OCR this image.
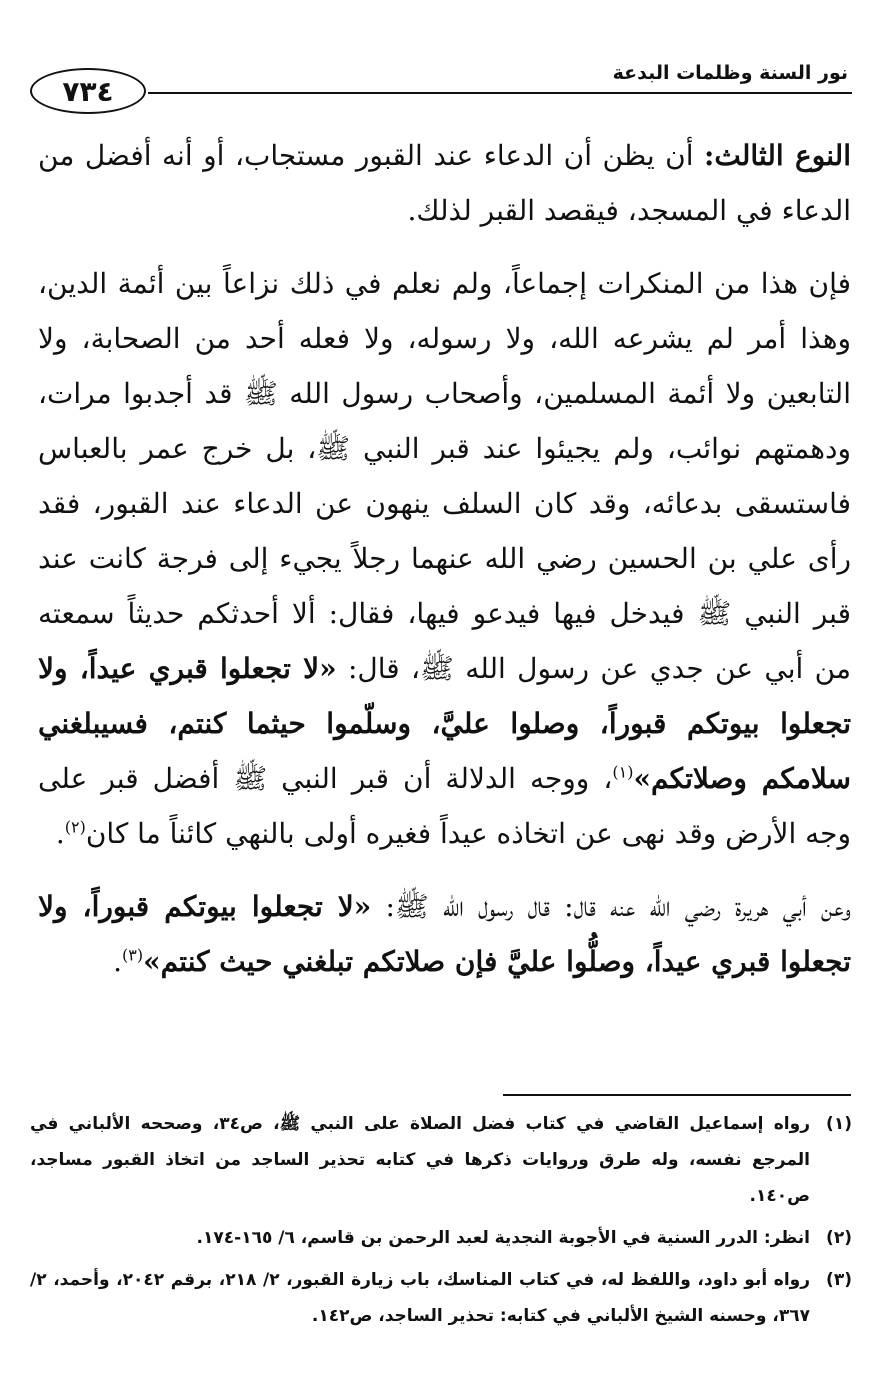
نور السنة وظلمات البدعة
٧٣٤

النوع الثالث: أن يظن أن الدعاء عند القبور مستجاب، أو أنه أفضل من الدعاء في المسجد، فيقصد القبر لذلك.

فإن هذا من المنكرات إجماعاً، ولم نعلم في ذلك نزاعاً بين أئمة الدين، وهذا أمر لم يشرعه الله، ولا رسوله، ولا فعله أحد من الصحابة، ولا التابعين ولا أئمة المسلمين، وأصحاب رسول الله ﷺ قد أجدبوا مرات، ودهمتهم نوائب، ولم يجيئوا عند قبر النبي ﷺ، بل خرج عمر بالعباس فاستسقى بدعائه، وقد كان السلف ينهون عن الدعاء عند القبور، فقد رأى علي بن الحسين رضي الله عنهما رجلاً يجيء إلى فرجة كانت عند قبر النبي ﷺ فيدخل فيها فيدعو فيها، فقال: ألا أحدثكم حديثاً سمعته من أبي عن جدي عن رسول الله ﷺ، قال: «لا تجعلوا قبري عيداً، ولا تجعلوا بيوتكم قبوراً، وصلوا عليَّ، وسلّموا حيثما كنتم، فسيبلغني سلامكم وصلاتكم»$^{(١)}$، ووجه الدلالة أن قبر النبي ﷺ أفضل قبر على وجه الأرض وقد نهى عن اتخاذه عيداً فغيره أولى بالنهي كائناً ما كان$^{(٢)}$.

وعن أبي هريرة رضي الله عنه قال: قال رسول الله ﷺ: «لا تجعلوا بيوتكم قبوراً، ولا تجعلوا قبري عيداً، وصلُّوا عليَّ فإن صلاتكم تبلغني حيث كنتم»$^{(٣)}$.

(١)
رواه إسماعيل القاضي في كتاب فضل الصلاة على النبي ﷺ، ص٣٤، وصححه الألباني في المرجع نفسه، وله طرق وروايات ذكرها في كتابه تحذير الساجد من اتخاذ القبور مساجد، ص١٤٠.
(٢)
انظر: الدرر السنية في الأجوبة النجدية لعبد الرحمن بن قاسم، ٦/ ١٦٥-١٧٤.
(٣)
رواه أبو داود، واللفظ له، في كتاب المناسك، باب زيارة القبور، ٢/ ٢١٨، برقم ٢٠٤٢، وأحمد، ٢/ ٣٦٧، وحسنه الشيخ الألباني في كتابه: تحذير الساجد، ص١٤٢.
